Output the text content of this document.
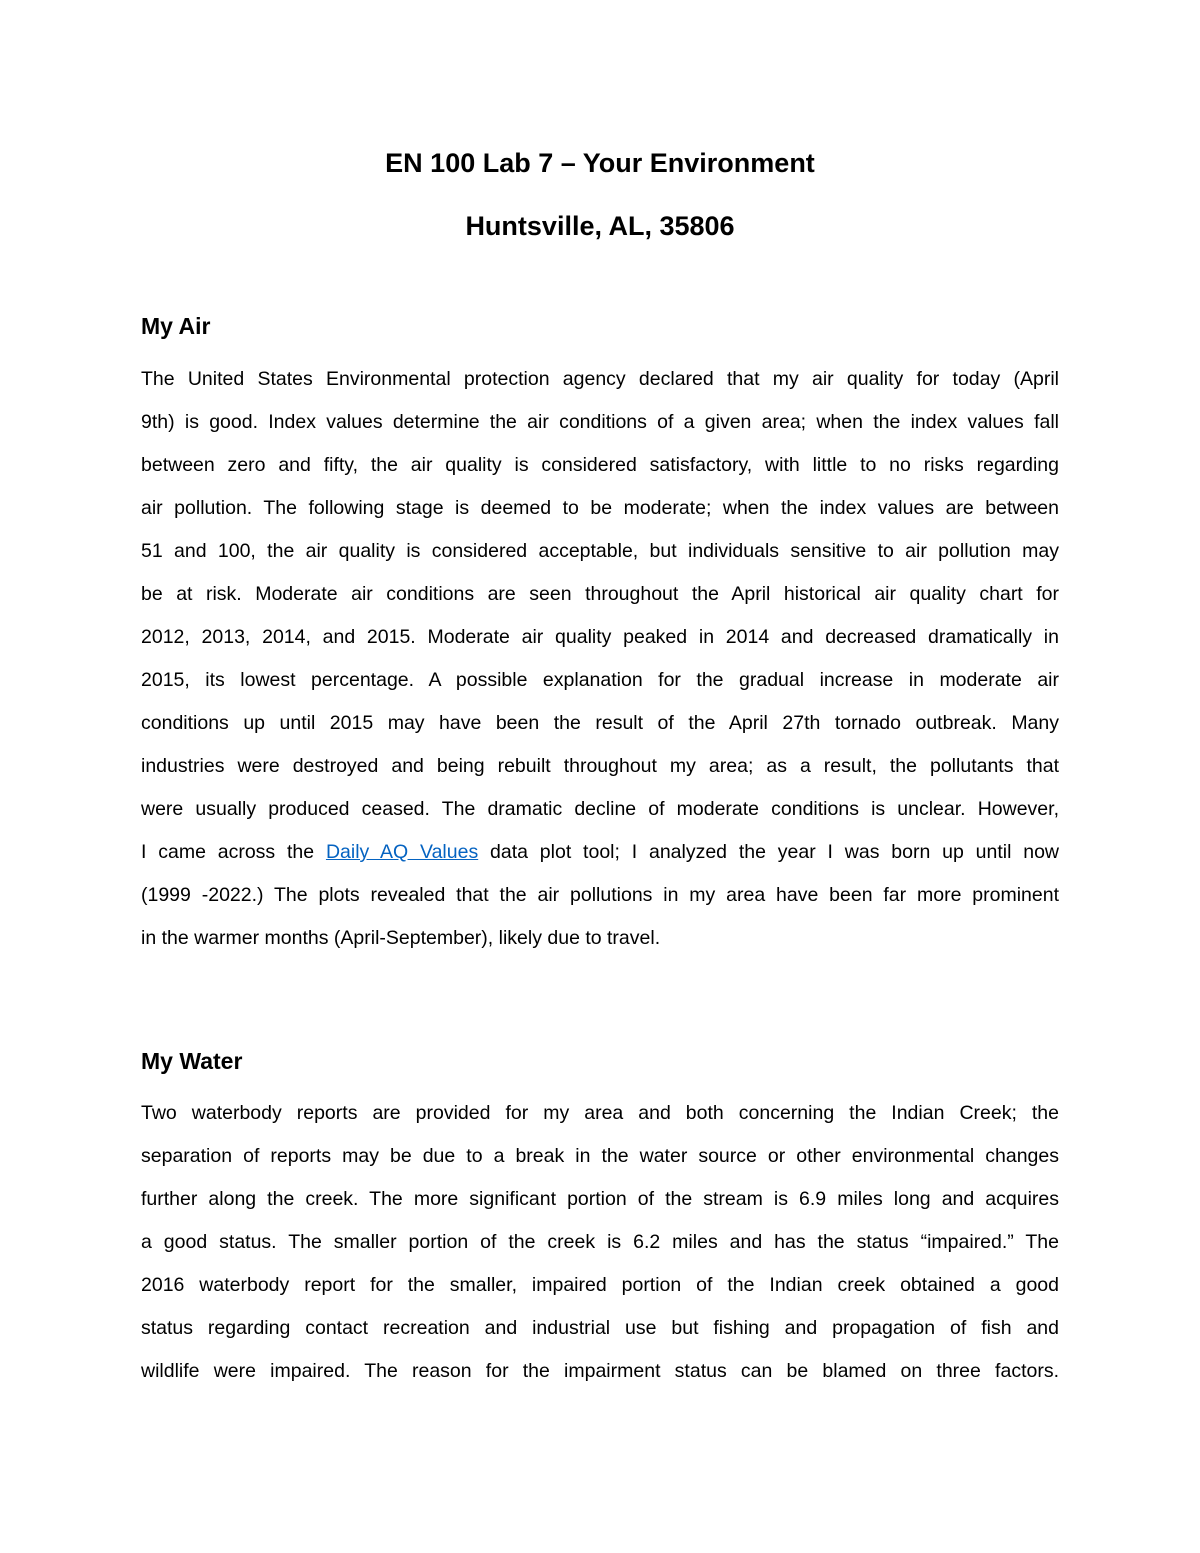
EN 100 Lab 7 – Your Environment
Huntsville, AL, 35806
My Air

The United States Environmental protection agency declared that my air quality for today (April

9th) is good. Index values determine the air conditions of a given area; when the index values fall

between zero and fifty, the air quality is considered satisfactory, with little to no risks regarding

air pollution. The following stage is deemed to be moderate; when the index values are between

51 and 100, the air quality is considered acceptable, but individuals sensitive to air pollution may

be at risk. Moderate air conditions are seen throughout the April historical air quality chart for

2012, 2013, 2014, and 2015. Moderate air quality peaked in 2014 and decreased dramatically in

2015, its lowest percentage. A possible explanation for the gradual increase in moderate air

conditions up until 2015 may have been the result of the April 27th tornado outbreak. Many

industries were destroyed and being rebuilt throughout my area; as a result, the pollutants that

were usually produced ceased. The dramatic decline of moderate conditions is unclear. However,

I came across the Daily AQ Values data plot tool; I analyzed the year I was born up until now

(1999 -2022.) The plots revealed that the air pollutions in my area have been far more prominent

in the warmer months (April-September), likely due to travel.

My Water

Two waterbody reports are provided for my area and both concerning the Indian Creek; the

separation of reports may be due to a break in the water source or other environmental changes

further along the creek. The more significant portion of the stream is 6.9 miles long and acquires

a good status. The smaller portion of the creek is 6.2 miles and has the status “impaired.” The

2016 waterbody report for the smaller, impaired portion of the Indian creek obtained a good

status regarding contact recreation and industrial use but fishing and propagation of fish and

wildlife were impaired. The reason for the impairment status can be blamed on three factors.
